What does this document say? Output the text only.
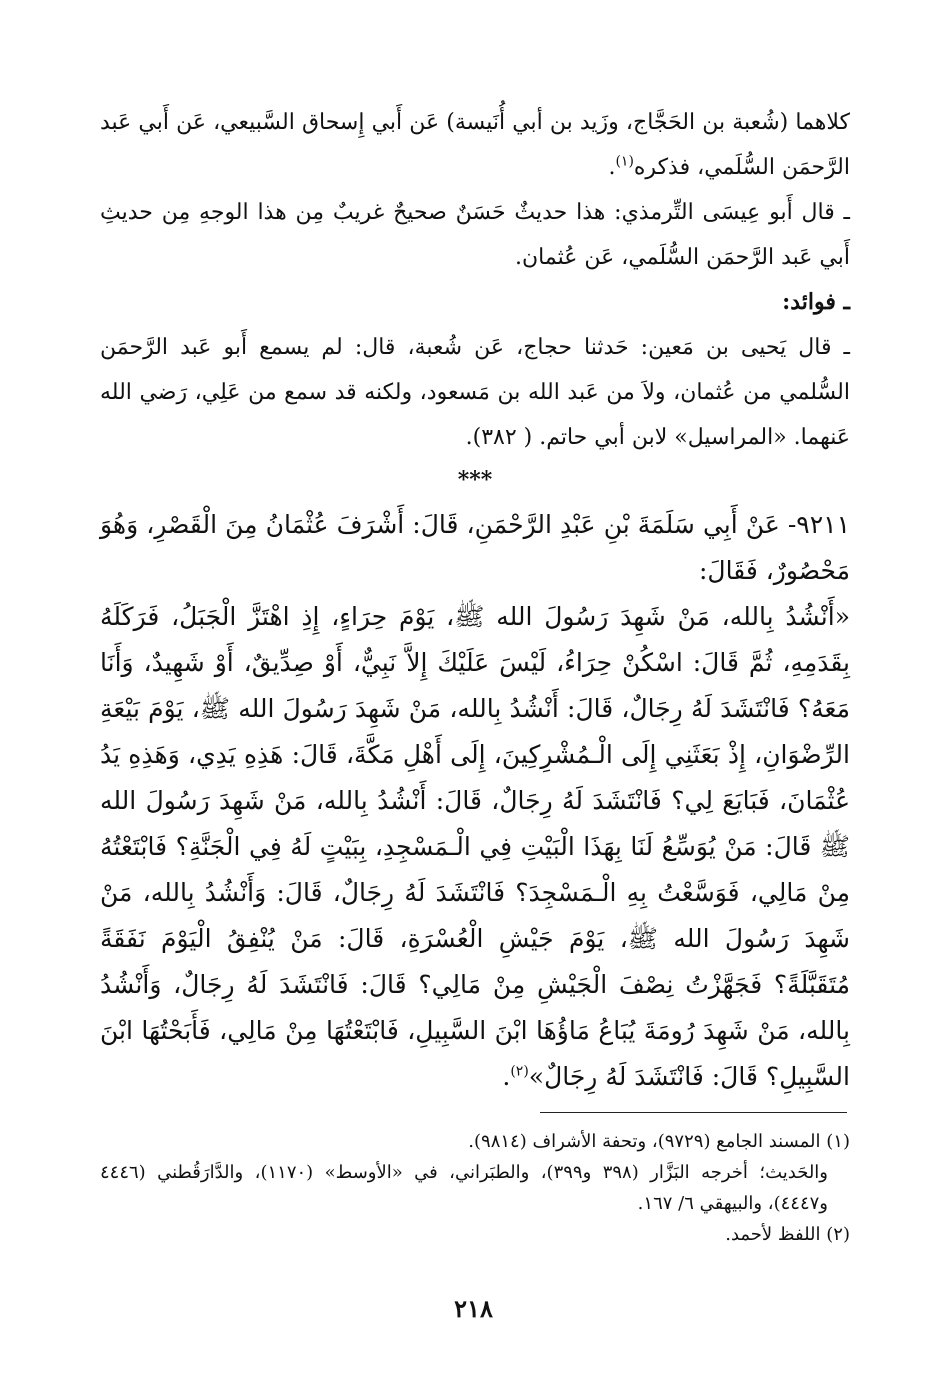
كلاهما (شُعبة بن الحَجَّاج، وزَيد بن أبي أُنَيسة) عَن أَبي إِسحاق السَّبيعي، عَن أَبي عَبد الرَّحمَن السُّلَمي، فذكره$^{(١)}$.

ـ قال أَبو عِيسَى التِّرمذي: هذا حديثٌ حَسَنٌ صحيحٌ غريبٌ مِن هذا الوجهِ مِن حديثِ أَبي عَبد الرَّحمَن السُّلَمي، عَن عُثمان.

ـ فوائد:

ـ قال يَحيى بن مَعين: حَدثنا حجاج، عَن شُعبة، قال: لم يسمع أَبو عَبد الرَّحمَن السُّلمي من عُثمان، ولاَ من عَبد الله بن مَسعود، ولكنه قد سمع من عَلِي، رَضي الله عَنهما. «المراسيل» لابن أبي حاتم. ( ٣٨٢).

***

٩٢١١- عَنْ أَبِي سَلَمَةَ بْنِ عَبْدِ الرَّحْمَنِ، قَالَ: أَشْرَفَ عُثْمَانُ مِنَ الْقَصْرِ، وَهُوَ مَحْصُورٌ، فَقَالَ:

«أَنْشُدُ بِالله، مَنْ شَهِدَ رَسُولَ الله ﷺ، يَوْمَ حِرَاءٍ، إِذِ اهْتَزَّ الْجَبَلُ، فَرَكَلَهُ بِقَدَمِهِ، ثُمَّ قَالَ: اسْكُنْ حِرَاءُ، لَيْسَ عَلَيْكَ إِلاَّ نَبِيٌّ، أَوْ صِدِّيقٌ، أَوْ شَهِيدٌ، وَأَنَا مَعَهُ؟ فَانْتَشَدَ لَهُ رِجَالٌ، قَالَ: أَنْشُدُ بِالله، مَنْ شَهِدَ رَسُولَ الله ﷺ، يَوْمَ بَيْعَةِ الرِّضْوَانِ، إِذْ بَعَثَنِي إِلَى الْـمُشْرِكِينَ، إِلَى أَهْلِ مَكَّةَ، قَالَ: هَذِهِ يَدِي، وَهَذِهِ يَدُ عُثْمَانَ، فَبَايَعَ لِي؟ فَانْتَشَدَ لَهُ رِجَالٌ، قَالَ: أَنْشُدُ بِالله، مَنْ شَهِدَ رَسُولَ الله ﷺ قَالَ: مَنْ يُوَسِّعُ لَنَا بِهَذَا الْبَيْتِ فِي الْـمَسْجِدِ، بِبَيْتٍ لَهُ فِي الْجَنَّةِ؟ فَابْتَعْتُهُ مِنْ مَالِي، فَوَسَّعْتُ بِهِ الْـمَسْجِدَ؟ فَانْتَشَدَ لَهُ رِجَالٌ، قَالَ: وَأَنْشُدُ بِالله، مَنْ شَهِدَ رَسُولَ الله ﷺ، يَوْمَ جَيْشِ الْعُسْرَةِ، قَالَ: مَنْ يُنْفِقُ الْيَوْمَ نَفَقَةً مُتَقَبَّلَةً؟ فَجَهَّزْتُ نِصْفَ الْجَيْشِ مِنْ مَالِي؟ قَالَ: فَانْتَشَدَ لَهُ رِجَالٌ، وَأَنْشُدُ بِالله، مَنْ شَهِدَ رُومَةَ يُبَاعُ مَاؤُهَا ابْنَ السَّبِيلِ، فَابْتَعْتُهَا مِنْ مَالِي، فَأَبَحْتُهَا ابْنَ السَّبِيلِ؟ قَالَ: فَانْتَشَدَ لَهُ رِجَالٌ»$^{(٢)}$.

(١) المسند الجامع (٩٧٢٩)، وتحفة الأشراف (٩٨١٤).

والحَديث؛ أخرجه البَزَّار (٣٩٨ و٣٩٩)، والطبَراني، في «الأوسط» (١١٧٠)، والدَّارَقُطني (٤٤٤٦ و٤٤٤٧)، والبيهقي ٦/ ١٦٧.

(٢) اللفظ لأحمد.

٢١٨
